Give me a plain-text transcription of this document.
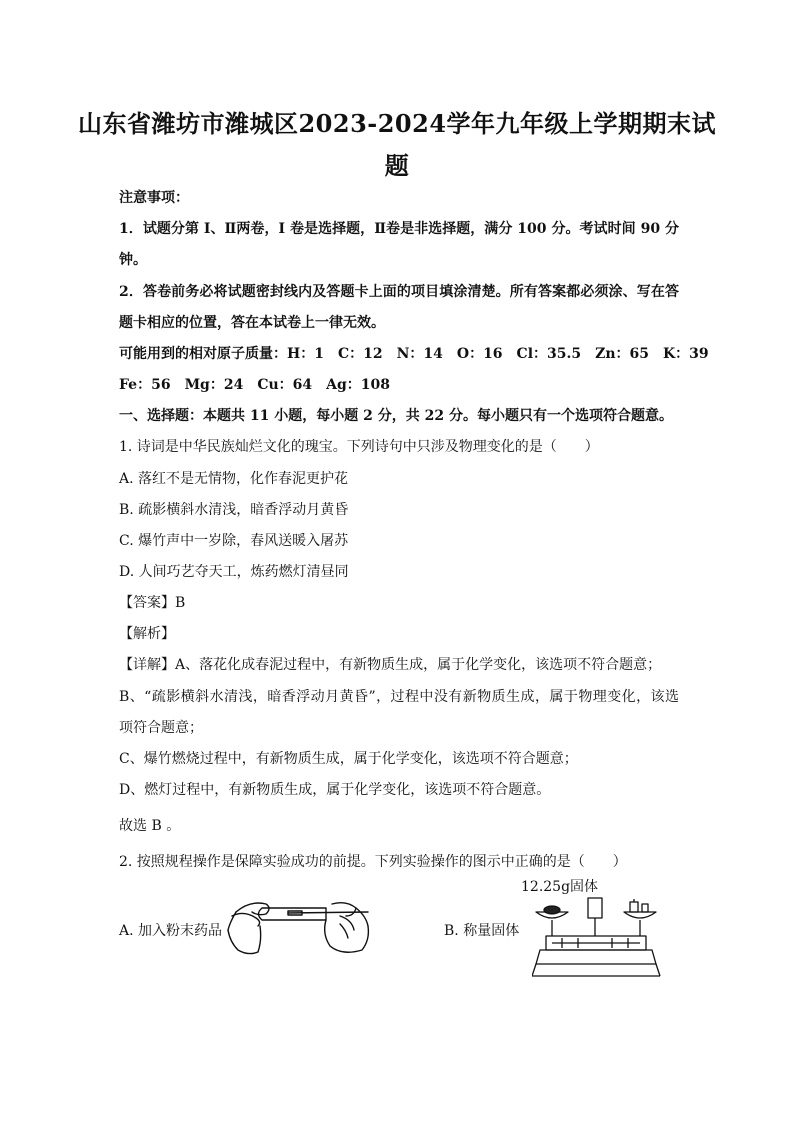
山东省潍坊市潍城区2023-2024学年九年级上学期期末试
题
注意事项：
1．试题分第 I、Ⅱ两卷，I 卷是选择题，Ⅱ卷是非选择题，满分 100 分。考试时间 90 分
钟。
2．答卷前务必将试题密封线内及答题卡上面的项目填涂清楚。所有答案都必须涂、写在答
题卡相应的位置，答在本试卷上一律无效。
可能用到的相对原子质量：H：1　C：12　N：14　O：16　Cl：35.5　Zn：65　K：39
Fe：56　Mg：24　Cu：64　Ag：108
一、选择题：本题共 11 小题，每小题 2 分，共 22 分。每小题只有一个选项符合题意。
1. 诗词是中华民族灿烂文化的瑰宝。下列诗句中只涉及物理变化的是（　　）
A. 落红不是无情物，化作春泥更护花
B. 疏影横斜水清浅，暗香浮动月黄昏
C. 爆竹声中一岁除，春风送暖入屠苏
D. 人间巧艺夺天工，炼药燃灯清昼同
【答案】B
【解析】
【详解】A、落花化成春泥过程中，有新物质生成，属于化学变化，该选项不符合题意；
B、“疏影横斜水清浅，暗香浮动月黄昏”，过程中没有新物质生成，属于物理变化，该选
项符合题意；
C、爆竹燃烧过程中，有新物质生成，属于化学变化，该选项不符合题意；
D、燃灯过程中，有新物质生成，属于化学变化，该选项不符合题意。
故选 B 。
2. 按照规程操作是保障实验成功的前提。下列实验操作的图示中正确的是（　　）
A. 加入粉末药品	B. 称量固体
12.25g固体
